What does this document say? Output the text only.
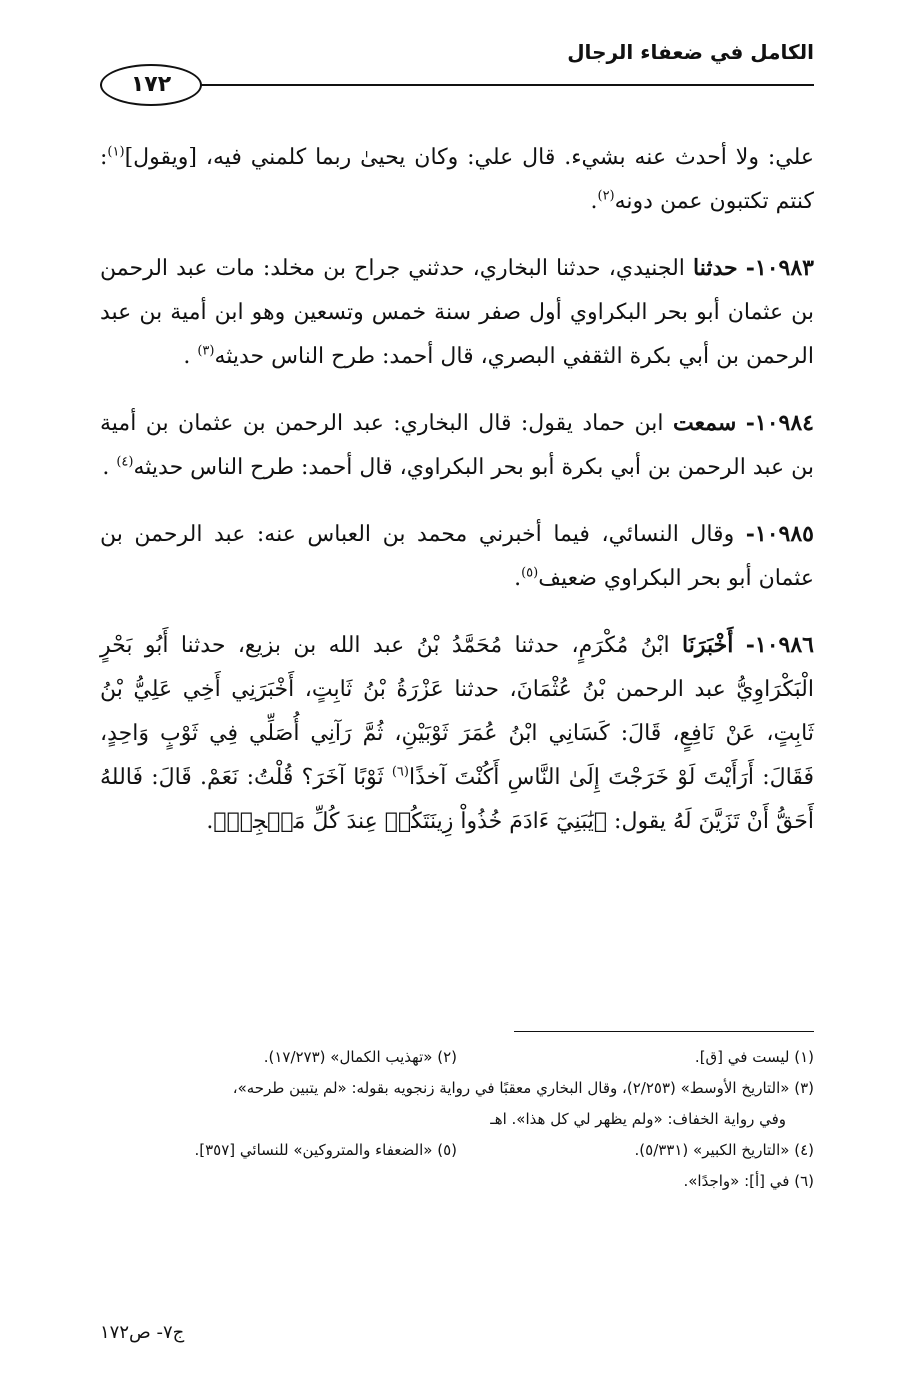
الكامل في ضعفاء الرجال
١٧٢

علي: ولا أحدث عنه بشيء. قال علي: وكان يحيىٰ ربما كلمني فيه، [ويقول]$^{(١)}$: كنتم تكتبون عمن دونه$^{(٢)}$.

١٠٩٨٣- حدثنا الجنيدي، حدثنا البخاري، حدثني جراح بن مخلد: مات عبد الرحمن بن عثمان أبو بحر البكراوي أول صفر سنة خمس وتسعين وهو ابن أمية بن عبد الرحمن بن أبي بكرة الثقفي البصري، قال أحمد: طرح الناس حديثه$^{(٣)}$ .

١٠٩٨٤- سمعت ابن حماد يقول: قال البخاري: عبد الرحمن بن عثمان بن أمية بن عبد الرحمن بن أبي بكرة أبو بحر البكراوي، قال أحمد: طرح الناس حديثه$^{(٤)}$ .

١٠٩٨٥- وقال النسائي، فيما أخبرني محمد بن العباس عنه: عبد الرحمن بن عثمان أبو بحر البكراوي ضعيف$^{(٥)}$.

١٠٩٨٦- أَخْبَرَنَا ابْنُ مُكْرَمٍ، حدثنا مُحَمَّدُ بْنُ عبد الله بن بزيع، حدثنا أَبُو بَحْرٍ الْبَكْرَاوِيُّ عبد الرحمن بْنُ عُثْمَانَ، حدثنا عَزْرَةُ بْنُ ثَابِتٍ، أَخْبَرَنِي أَخِي عَلِيُّ بْنُ ثَابِتٍ، عَنْ نَافِعٍ، قَالَ: كَسَانِي ابْنُ عُمَرَ ثَوْبَيْنِ، ثُمَّ رَآنِي أُصَلِّي فِي ثَوْبٍ وَاحِدٍ، فَقَالَ: أَرَأَيْتَ لَوْ خَرَجْتَ إِلَىٰ النَّاسِ أَكُنْتَ آخذًا$^{(٦)}$ ثَوْبًا آخَرَ؟ قُلْتُ: نَعَمْ. قَالَ: فَاللهُ أَحَقُّ أَنْ تَزَيَّنَ لَهُ يقول: ﴿يَٰبَنِيٓ ءَادَمَ خُذُواْ زِينَتَكُمۡ عِندَ كُلِّ مَسۡجِدٖ﴾.

(١) ليست في [ق].
(٢) «تهذيب الكمال» (١٧/٢٧٣).
(٣) «التاريخ الأوسط» (٢/٢٥٣)، وقال البخاري معقبًا في رواية زنجويه بقوله: «لم يتبين طرحه»،
وفي رواية الخفاف: «ولم يظهر لي كل هذا». اهـ
(٤) «التاريخ الكبير» (٥/٣٣١).
(٥) «الضعفاء والمتروكين» للنسائي [٣٥٧].
(٦) في [أ]: «واجدًا».
ج٧- ص١٧٢
